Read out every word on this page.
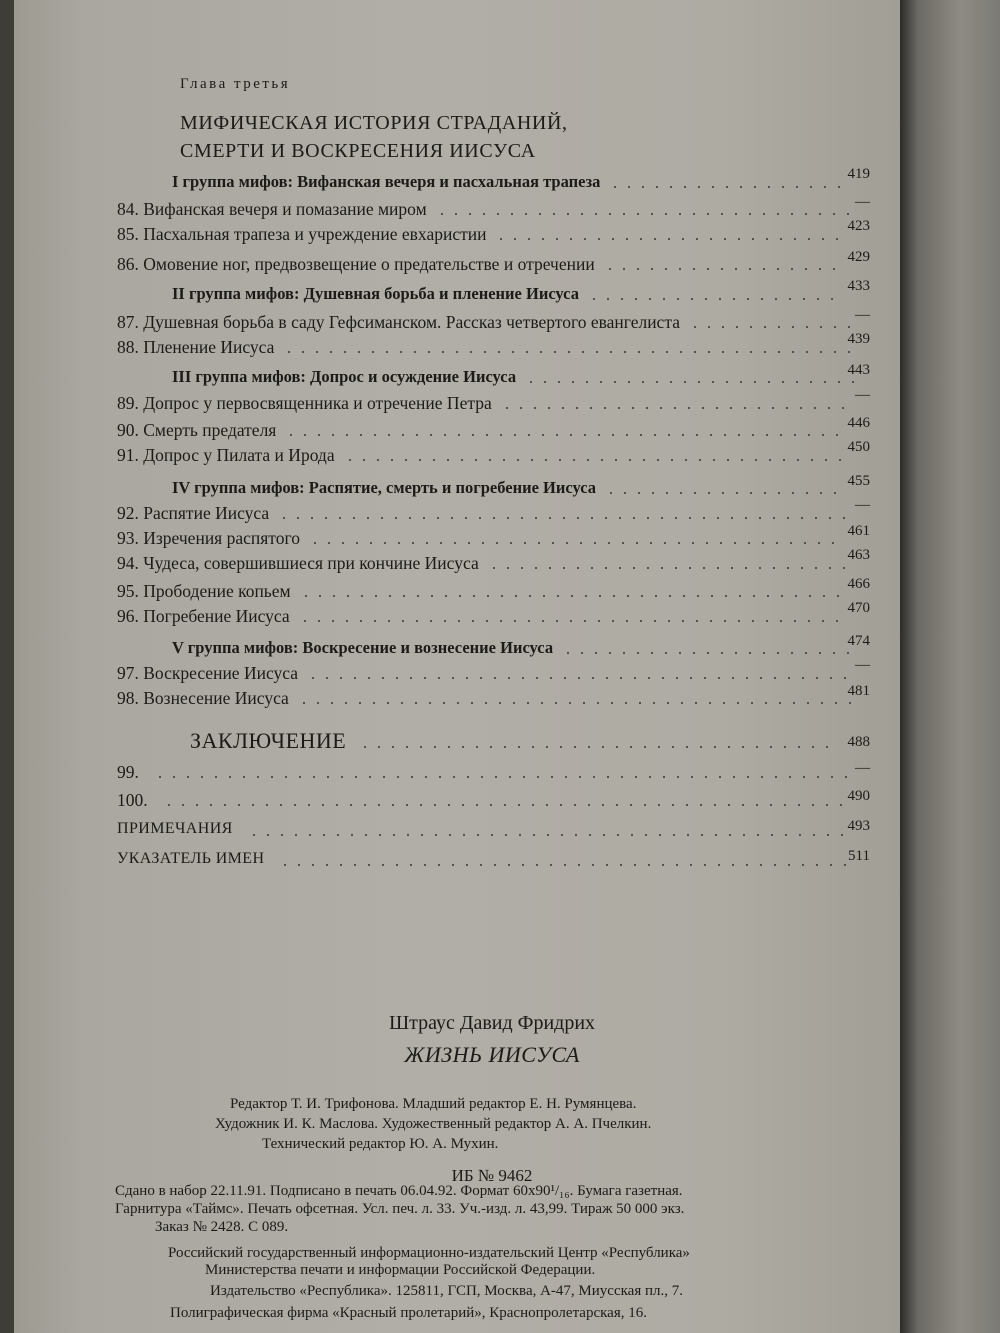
Глава третья
МИФИЧЕСКАЯ ИСТОРИЯ СТРАДАНИЙ,
СМЕРТИ И ВОСКРЕСЕНИЯ ИИСУСА
I группа мифов: Вифанская вечеря и пасхальная трапеза	419
84. Вифанская вечеря и помазание миром	—
85. Пасхальная трапеза и учреждение евхаристии	423
86. Омовение ног, предвозвещение о предательстве и отречении	429
II группа мифов: Душевная борьба и пленение Иисуса	433
87. Душевная борьба в саду Гефсиманском. Рассказ четвертого евангелиста	—
88. Пленение Иисуса	439
III группа мифов: Допрос и осуждение Иисуса	443
89. Допрос у первосвященника и отречение Петра	—
90. Смерть предателя	446
91. Допрос у Пилата и Ирода	450
IV группа мифов: Распятие, смерть и погребение Иисуса	455
92. Распятие Иисуса	—
93. Изречения распятого	461
94. Чудеса, совершившиеся при кончине Иисуса	463
95. Прободение копьем	466
96. Погребение Иисуса	470
V группа мифов: Воскресение и вознесение Иисуса	474
97. Воскресение Иисуса	—
98. Вознесение Иисуса	481
ЗАКЛЮЧЕНИЕ	488
99.	—
100.	490
ПРИМЕЧАНИЯ	493
УКАЗАТЕЛЬ ИМЕН	511
Штраус Давид Фридрих
ЖИЗНЬ ИИСУСА
Редактор Т. И. Трифонова. Младший редактор Е. Н. Румянцева.
Художник И. К. Маслова. Художественный редактор А. А. Пчелкин.
Технический редактор Ю. А. Мухин.
ИБ № 9462
Сдано в набор 22.11.91. Подписано в печать 06.04.92. Формат 60x90¹/₁₆. Бумага газетная.
Гарнитура «Таймс». Печать офсетная. Усл. печ. л. 33. Уч.-изд. л. 43,99. Тираж 50 000 экз.
Заказ № 2428. С 089.
Российский государственный информационно-издательский Центр «Республика»
Министерства печати и информации Российской Федерации.
Издательство «Республика». 125811, ГСП, Москва, А-47, Миусская пл., 7.
Полиграфическая фирма «Красный пролетарий», Краснопролетарская, 16.
